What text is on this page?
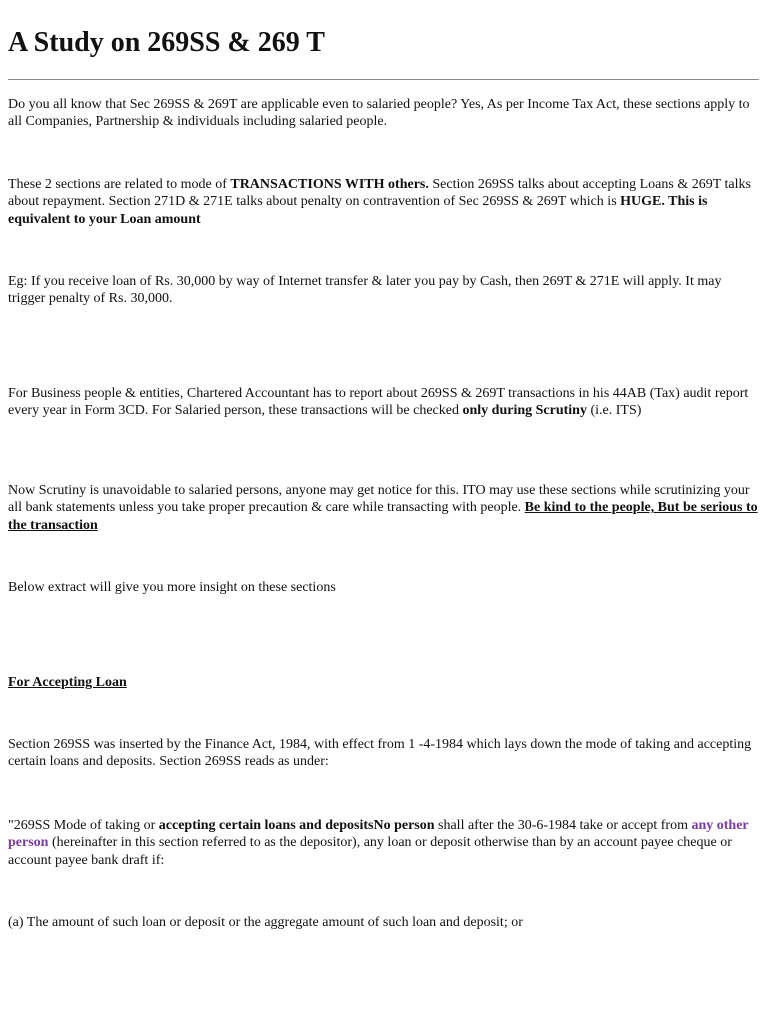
A Study on 269SS & 269 T

Do you all know that Sec 269SS & 269T are applicable even to salaried people? Yes, As per Income Tax Act, these sections apply to all Companies, Partnership & individuals including salaried people.

These 2 sections are related to mode of TRANSACTIONS WITH others. Section 269SS talks about accepting Loans & 269T talks about repayment. Section 271D & 271E talks about penalty on contravention of Sec 269SS & 269T which is HUGE. This is equivalent to your Loan amount

Eg: If you receive loan of Rs. 30,000 by way of Internet transfer & later you pay by Cash, then 269T & 271E will apply. It may trigger penalty of Rs. 30,000.

For Business people & entities, Chartered Accountant has to report about 269SS & 269T transactions in his 44AB (Tax) audit report every year in Form 3CD. For Salaried person, these transactions will be checked only during Scrutiny (i.e. ITS)

Now Scrutiny is unavoidable to salaried persons, anyone may get notice for this. ITO may use these sections while scrutinizing your all bank statements unless you take proper precaution & care while transacting with people. Be kind to the people, But be serious to the transaction

Below extract will give you more insight on these sections

For Accepting Loan

Section 269SS was inserted by the Finance Act, 1984, with effect from 1 -4-1984 which lays down the mode of taking and accepting certain loans and deposits. Section 269SS reads as under:

"269SS Mode of taking or accepting certain loans and depositsNo person shall after the 30-6-1984 take or accept from any other person (hereinafter in this section referred to as the depositor), any loan or deposit otherwise than by an account payee cheque or account payee bank draft if:

(a) The amount of such loan or deposit or the aggregate amount of such loan and deposit; or
